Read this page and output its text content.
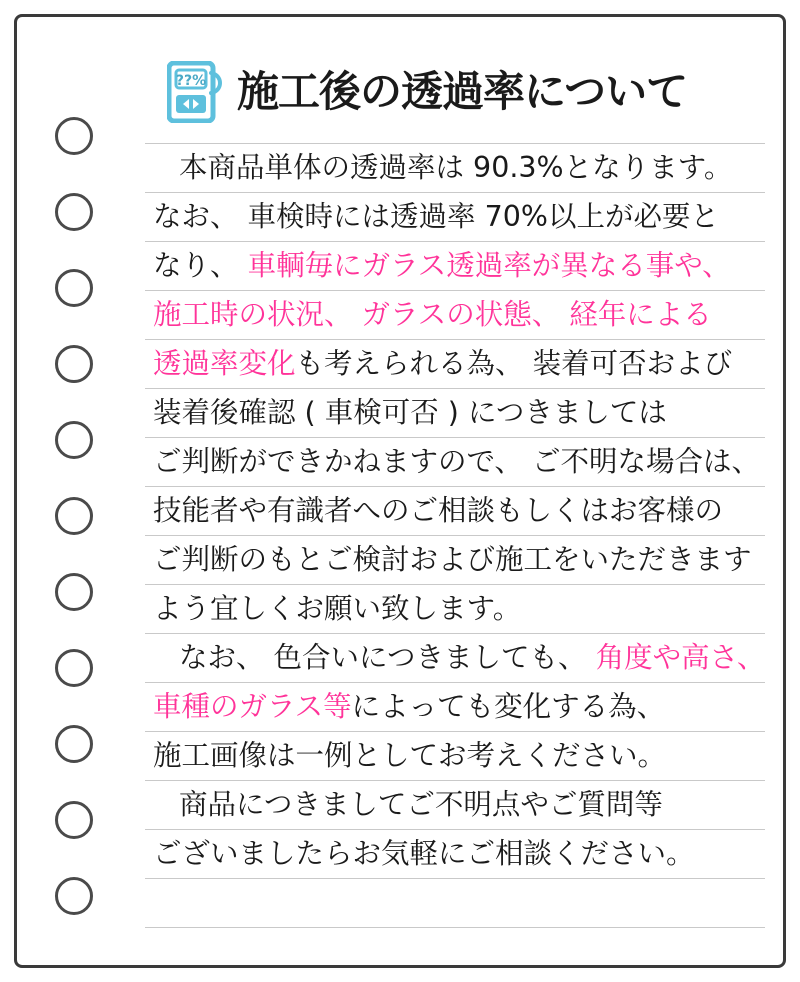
??% 施工後の透過率について
本商品単体の透過率は 90.3%となります。
なお、 車検時には透過率 70%以上が必要と
なり、 車輌毎にガラス透過率が異なる事や、
施工時の状況、 ガラスの状態、 経年による
透過率変化も考えられる為、 装着可否および
装着後確認 ( 車検可否 ) につきましては
ご判断ができかねますので、 ご不明な場合は、
技能者や有識者へのご相談もしくはお客様の
ご判断のもとご検討および施工をいただきます
よう宜しくお願い致します。
なお、 色合いにつきましても、 角度や高さ、
車種のガラス等によっても変化する為、
施工画像は一例としてお考えください。
商品につきましてご不明点やご質問等
ございましたらお気軽にご相談ください。
